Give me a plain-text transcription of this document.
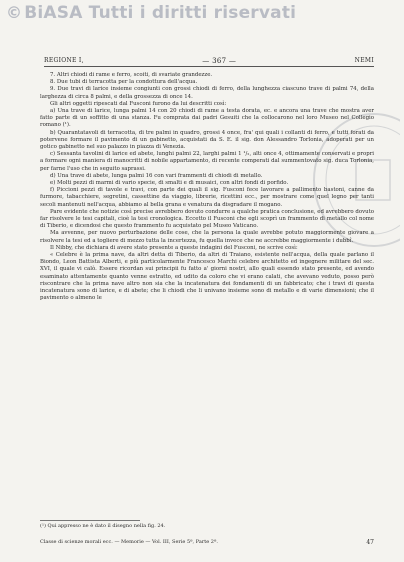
© BiASA Tutti i diritti riservati
REGIONE I,	— 367 —	NEMI

7. Altri chiodi di rame e ferro, scoiti, di svariate grandezze.

8. Due tubi di terracotta per la condottura dell'acqua.

9. Due travi di larice insieme congiunti con grossi chiodi di ferro, della lunghezza ciascuno trave di palmi 74, della larghezza di circa 8 palmi, e della grossezza di once 14.

Gli altri oggetti ripescati dal Fusconi furono da lui descritti così:

a) Una trave di larice, lunga palmi 14 con 20 chiodi di rame a testa dorata, ec. e ancora una trave che mostra aver fatto parte di un soffitto di una stanza. Fu comprata dai padri Gesuiti che la collocarono nel loro Museo nel Collegio romano (¹).

b) Quarantatavoli di terracotta, di tre palmi in quadro, grossi 4 once, fra' qui quali i collanti di ferro, e tutti forati da potervene formare il pavimento di un gabinetto, acquistati da S. E. il sig. don Alessandro Torlonia, adoperati per un gotico gabinetto nel suo palazzo in piazza di Venezia.

c) Sessanta tavolini di larice ed abete, lunghi palmi 22, larghi palmi 1 ¹/₂, alti once 4, ottimamente conservati e propri a formare ogni maniera di manocritti di nobile appartamento, di recente comperati dal summentovato sig. duca Torlonia, per farne l'uso che in seguito saprassi.

d) Una trave di abete, lunga palmi 16 con vari frammenti di chiodi di metallo.

e) Molti pezzi di marmi di vario specie, di smalti e di musaici, con altri fondi di porfido.

f) Piccioni pezzi di tavole e travi, con parte dei quali il sig. Fusconi fece lavorare a pallimento bastoni, canne da furmore, tabacchiere, segretini, cassettine da viaggio, librerie, ricettini ecc., per mostrare come quel legno per tanti secoli mantenuti nell'acqua, abbiamo al bella grana e venatura da disgradare il mogano.

Pare evidente che notizie così precise avrebbero dovuto condurre a qualche pratica conclusione, ed avrebbero dovuto far risolvere le tesi capitali, cioè la tesi cronologica. Eccetto il Fusconi che egli scoprì un frammento di metallo col nome di Tiberio, e dicendosi che questo frammento fu acquistato pel Museo Vaticano.

Ma avvenne, per nuovo perturbazione delle cose, che la persona la quale avrebbe potuto maggiormente giovare a risolvere la tesi ed a togliere di mezzo tutta la incertezza, fu quella invece che ne accrebbe maggiormente i dubbî.

Il Nibby, che dichiara di avere stato presente a queste indagini del Fusconi, ne scrive così:

« Celebre è la prima nave, da altri detta di Tiberio, da altri di Traiano, esistente nell'acqua, della quale parlano il Biondo, Leon Battista Alberti, e più particolarmente Francesco Marchi celebre architetto ed ingegnere militare del sec. XVI, il quale vi calò. Essere ricordan sui principii fu fatto a' giorni nostri, allo quali essendo stato presente, ed avendo esaminato attentamente quanto venne estratto, ed udito da coloro che vi erano calati, che avevano veduto, posso però riscontrare che la prima nave altro non sia che la incatenatura dei fondamenti di un fabbricato; che i travi di questa incatenatura sono di larice, e di abete; che li chiodi che li univano insieme sono di metallo e di varie dimensioni; che il pavimento o almeno le

(¹) Qui appresso ne è dato il disegno nella fig. 24.
Classe di scienze morali ecc. — Memorie — Vol. III, Serie 5ª, Parte 2ª.	47
